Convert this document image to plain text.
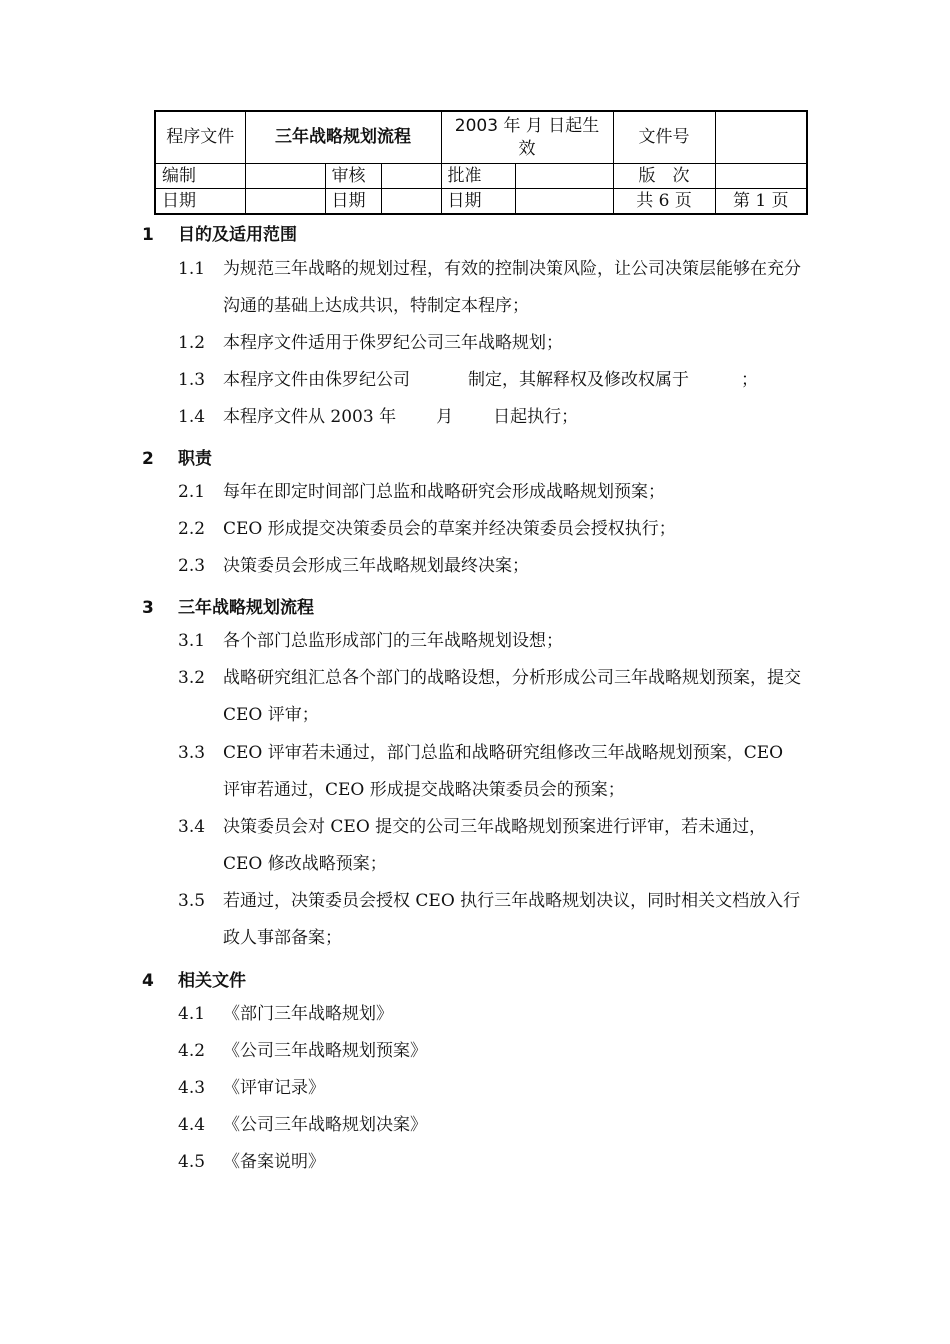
程序文件	三年战略规划流程			2003 年 月 日起生效		文件号	
编制		审核		批准		版　次	
日期		日期		日期		共 6 页	第 1 页
1 目的及适用范围
1.1	为规范三年战略的规划过程，有效的控制决策风险，让公司决策层能够在充分沟通的基础上达成共识，特制定本程序；
1.2	本程序文件适用于侏罗纪公司三年战略规划；
1.3	本程序文件由侏罗纪公司	制定，其解释权及修改权属于	；
1.4	本程序文件从 2003 年 月 日起执行；
2 职责
2.1	每年在即定时间部门总监和战略研究会形成战略规划预案；
2.2	CEO 形成提交决策委员会的草案并经决策委员会授权执行；
2.3	决策委员会形成三年战略规划最终决案；
3 三年战略规划流程
3.1	各个部门总监形成部门的三年战略规划设想；
3.2	战略研究组汇总各个部门的战略设想，分析形成公司三年战略规划预案，提交 CEO 评审；
3.3	CEO 评审若未通过，部门总监和战略研究组修改三年战略规划预案，CEO 评审若通过，CEO 形成提交战略决策委员会的预案；
3.4	决策委员会对 CEO 提交的公司三年战略规划预案进行评审，若未通过，CEO 修改战略预案；
3.5	若通过，决策委员会授权 CEO 执行三年战略规划决议，同时相关文档放入行政人事部备案；
4 相关文件
4.1	《部门三年战略规划》
4.2	《公司三年战略规划预案》
4.3	《评审记录》
4.4	《公司三年战略规划决案》
4.5	《备案说明》
